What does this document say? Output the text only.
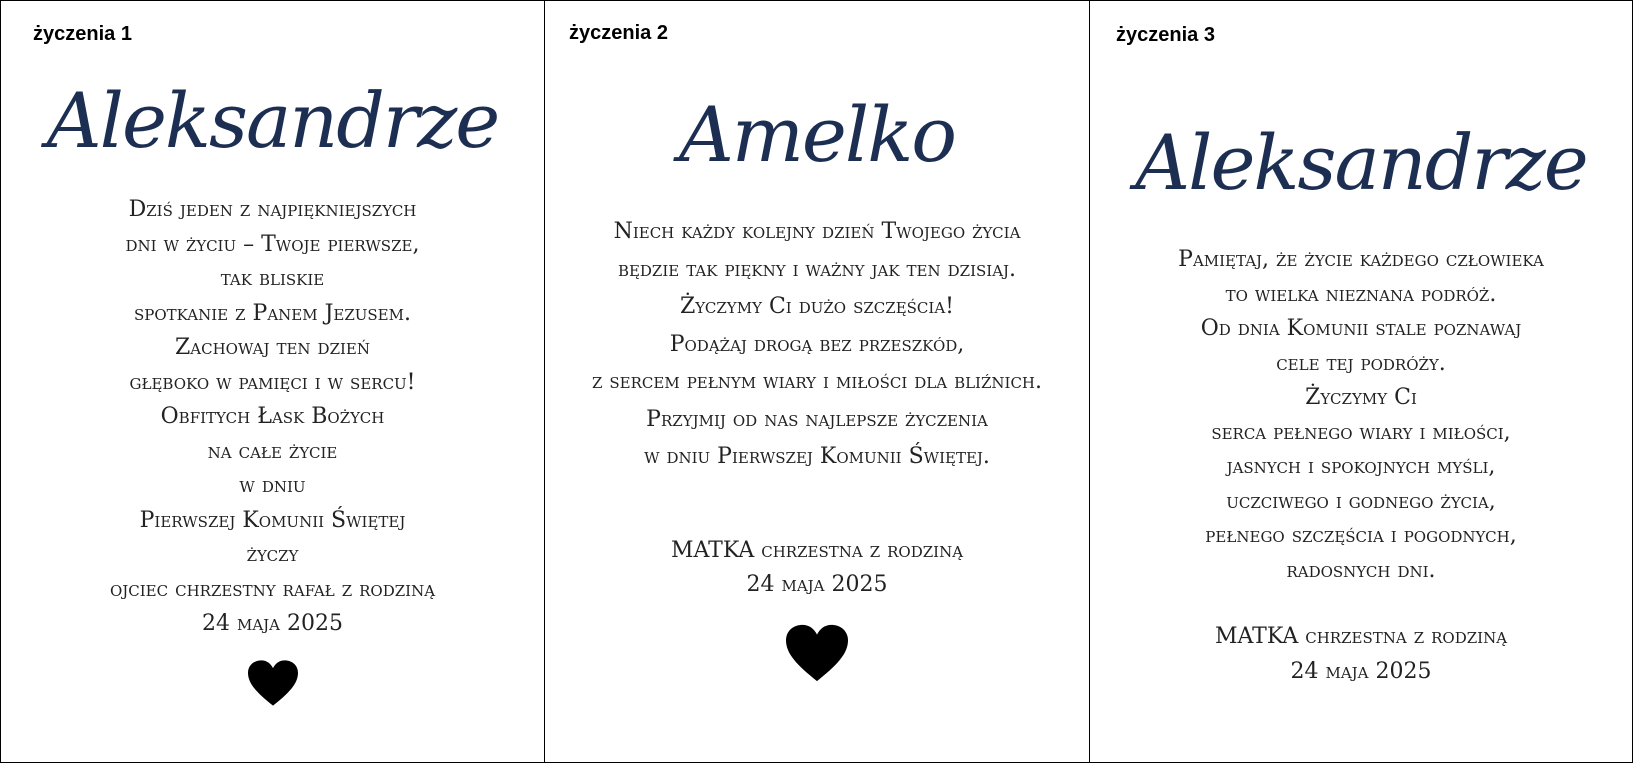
życzenia 1
Aleksandrze
Dziś jeden z najpiękniejszych
dni w życiu – Twoje pierwsze,
tak bliskie
spotkanie z Panem Jezusem.
Zachowaj ten dzień
głęboko w pamięci i w sercu!
Obfitych Łask Bożych
na całe życie
w dniu
Pierwszej Komunii Świętej
życzy
ojciec chrzestny rafał z rodziną
24 maja 2025
życzenia 2
Amelko
Niech każdy kolejny dzień Twojego życia
będzie tak piękny i ważny jak ten dzisiaj.
Życzymy Ci dużo szczęścia!
Podążaj drogą bez przeszkód,
z sercem pełnym wiary i miłości dla bliźnich.
Przyjmij od nas najlepsze życzenia
w dniu Pierwszej Komunii Świętej.
MATKA chrzestna z rodziną
24 maja 2025
życzenia 3
Aleksandrze
Pamiętaj, że życie każdego człowieka
to wielka nieznana podróż.
Od dnia Komunii stale poznawaj
cele tej podróży.
Życzymy Ci
serca pełnego wiary i miłości,
jasnych i spokojnych myśli,
uczciwego i godnego życia,
pełnego szczęścia i pogodnych,
radosnych dni.
MATKA chrzestna z rodziną
24 maja 2025
